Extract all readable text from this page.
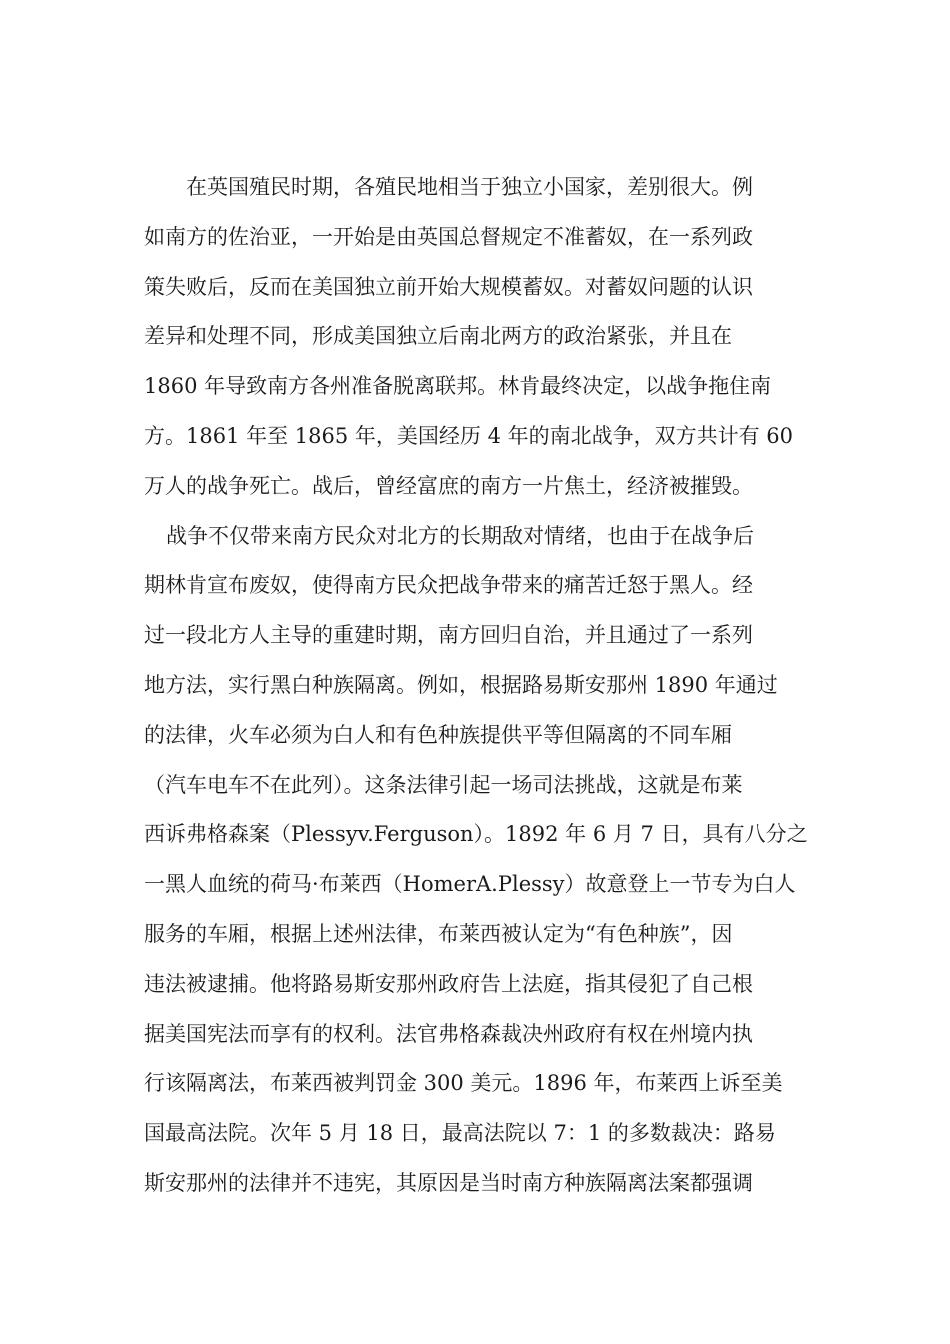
在英国殖民时期，各殖民地相当于独立小国家，差别很大。例
如南方的佐治亚，一开始是由英国总督规定不准蓄奴，在一系列政
策失败后，反而在美国独立前开始大规模蓄奴。对蓄奴问题的认识
差异和处理不同，形成美国独立后南北两方的政治紧张，并且在
1860 年导致南方各州准备脱离联邦。林肯最终决定，以战争拖住南
方。1861 年至 1865 年，美国经历 4 年的南北战争，双方共计有 60
万人的战争死亡。战后，曾经富庶的南方一片焦土，经济被摧毁。
战争不仅带来南方民众对北方的长期敌对情绪，也由于在战争后
期林肯宣布废奴，使得南方民众把战争带来的痛苦迁怒于黑人。经
过一段北方人主导的重建时期，南方回归自治，并且通过了一系列
地方法，实行黑白种族隔离。例如，根据路易斯安那州 1890 年通过
的法律，火车必须为白人和有色种族提供平等但隔离的不同车厢
（汽车电车不在此列）。这条法律引起一场司法挑战，这就是布莱
西诉弗格森案（Plessyv.Ferguson）。1892 年 6 月 7 日，具有八分之
一黑人血统的荷马·布莱西（HomerA.Plessy）故意登上一节专为白人
服务的车厢，根据上述州法律，布莱西被认定为“有色种族”，因
违法被逮捕。他将路易斯安那州政府告上法庭，指其侵犯了自己根
据美国宪法而享有的权利。法官弗格森裁决州政府有权在州境内执
行该隔离法，布莱西被判罚金 300 美元。1896 年，布莱西上诉至美
国最高法院。次年 5 月 18 日，最高法院以 7：1 的多数裁决：路易
斯安那州的法律并不违宪，其原因是当时南方种族隔离法案都强调
